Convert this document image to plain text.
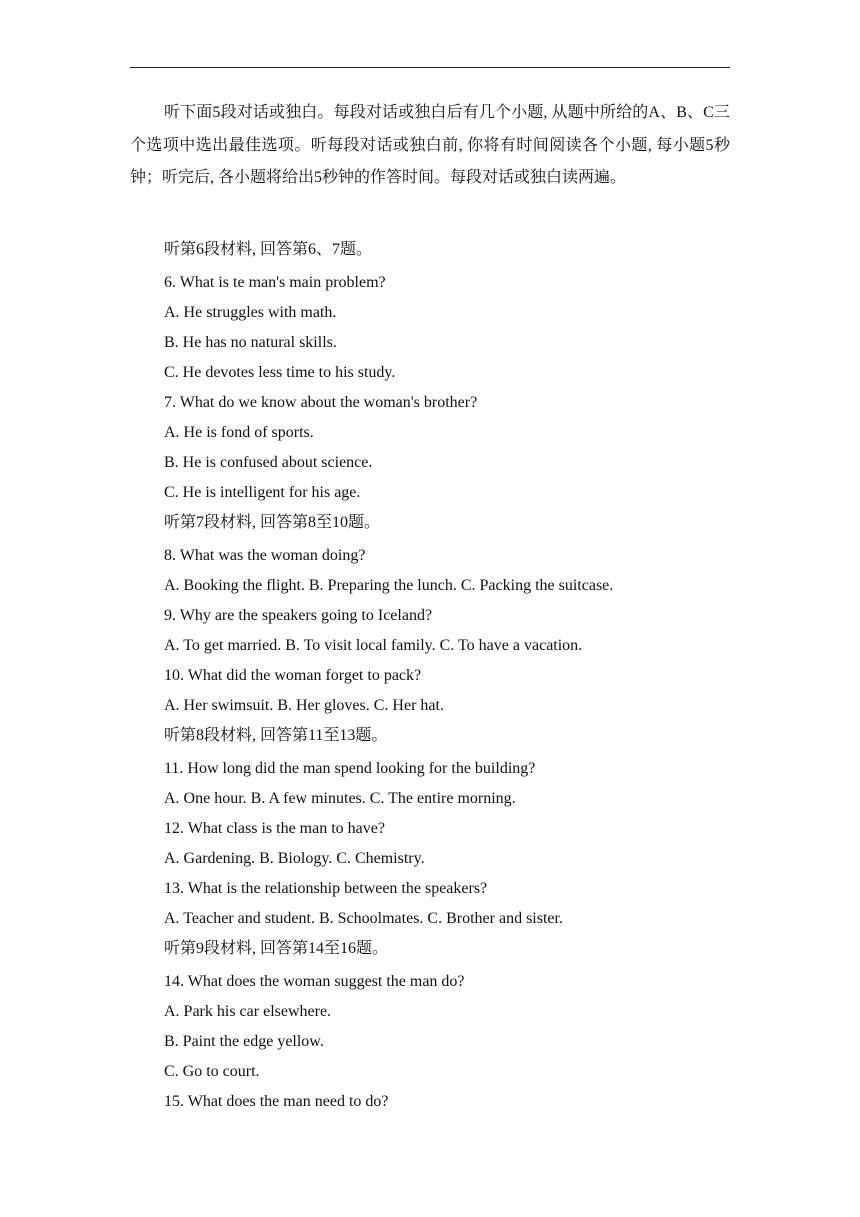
听下面5段对话或独白。每段对话或独白后有几个小题, 从题中所给的A、B、C三个选项中选出最佳选项。听每段对话或独白前, 你将有时间阅读各个小题, 每小题5秒钟；听完后, 各小题将给出5秒钟的作答时间。每段对话或独白读两遍。

听第6段材料, 回答第6、7题。

6. What is te man's main problem?

A. He struggles with math.

B. He has no natural skills.

C. He devotes less time to his study.

7. What do we know about the woman's brother?

A. He is fond of sports.

B. He is confused about science.

C. He is intelligent for his age.

听第7段材料, 回答第8至10题。

8. What was the woman doing?

A. Booking the flight. B. Preparing the lunch. C. Packing the suitcase.

9. Why are the speakers going to Iceland?

A. To get married. B. To visit local family. C. To have a vacation.

10. What did the woman forget to pack?

A. Her swimsuit. B. Her gloves. C. Her hat.

听第8段材料, 回答第11至13题。

11. How long did the man spend looking for the building?

A. One hour. B. A few minutes. C. The entire morning.

12. What class is the man to have?

A. Gardening. B. Biology. C. Chemistry.

13. What is the relationship between the speakers?

A. Teacher and student. B. Schoolmates. C. Brother and sister.

听第9段材料, 回答第14至16题。

14. What does the woman suggest the man do?

A. Park his car elsewhere.

B. Paint the edge yellow.

C. Go to court.

15. What does the man need to do?
